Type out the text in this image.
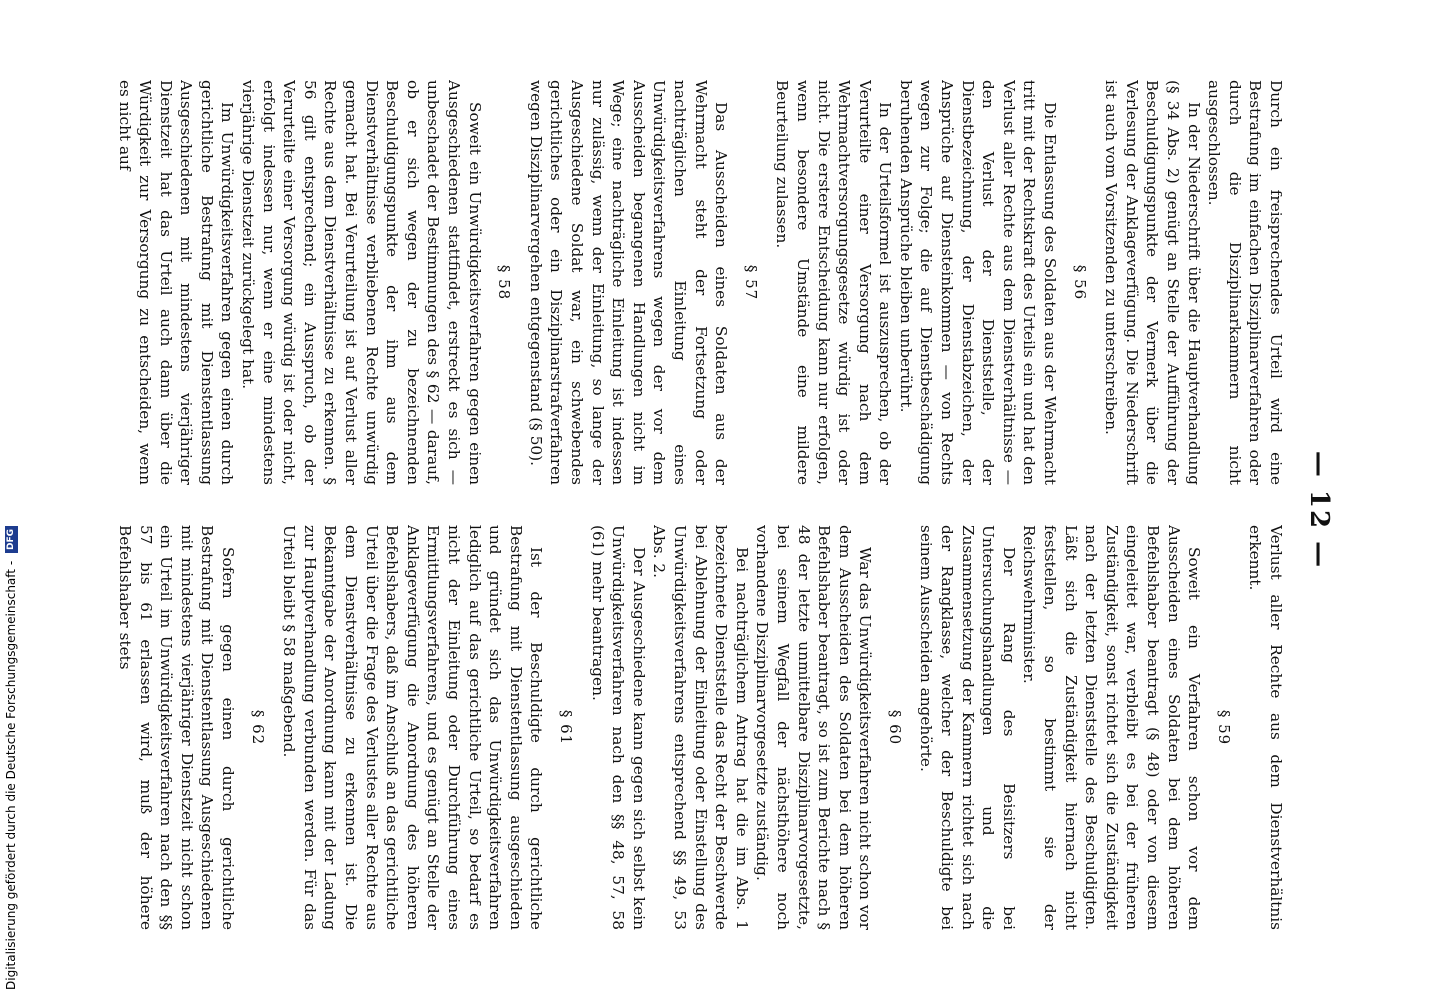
Digitalisierung gefördert durch die Deutsche Forschungsgemeinschaft - DFG	— 12 —

Durch ein freisprechendes Urteil wird eine Bestrafung im einfachen Disziplinarverfahren oder durch die Disziplinarkammern nicht ausgeschlossen.

In der Niederschrift über die Hauptverhandlung (§ 34 Abs. 2) genügt an Stelle der Aufführung der Beschuldigungspunkte der Vermerk über die Verlesung der Anklageverfügung. Die Niederschrift ist auch vom Vorsitzenden zu unterschreiben.

§ 56

Die Entlassung des Soldaten aus der Wehrmacht tritt mit der Rechtskraft des Urteils ein und hat den Verlust aller Rechte aus dem Dienstverhältnisse — den Verlust der Dienststelle, der Dienstbezeichnung, der Dienstabzeichen, der Ansprüche auf Diensteinkommen — von Rechts wegen zur Folge; die auf Dienstbeschädigung beruhenden Ansprüche bleiben unberührt.

In der Urteilsformel ist auszusprechen, ob der Verurteilte einer Versorgung nach dem Wehrmachtversorgungsgesetze würdig ist oder nicht. Die erstere Entscheidung kann nur erfolgen, wenn besondere Umstände eine mildere Beurteilung zulassen.

§ 57

Das Ausscheiden eines Soldaten aus der Wehrmacht steht der Fortsetzung oder nachträglichen Einleitung eines Unwürdigkeitsverfahrens wegen der vor dem Ausscheiden begangenen Handlungen nicht im Wege; eine nachträgliche Einleitung ist indessen nur zulässig, wenn der Einleitung, so lange der Ausgeschiedene Soldat war, ein schwebendes gerichtliches oder ein Disziplinarstrafverfahren wegen Disziplinarvergehen entgegenstand (§ 50).

§ 58

Soweit ein Unwürdigkeitsverfahren gegen einen Ausgeschiedenen stattfindet, erstreckt es sich — unbeschadet der Bestimmungen des § 62 — darauf, ob er sich wegen der zu bezeichnenden Beschuldigungspunkte der ihm aus dem Dienstverhältnisse verbliebenen Rechte unwürdig gemacht hat. Bei Verurteilung ist auf Verlust aller Rechte aus dem Dienstverhältnisse zu erkennen. § 56 gilt entsprechend; ein Ausspruch, ob der Verurteilte einer Versorgung würdig ist oder nicht, erfolgt indessen nur, wenn er eine mindestens vierjährige Dienstzeit zurückgelegt hat.

Im Unwürdigkeitsverfahren gegen einen durch gerichtliche Bestrafung mit Dienstentlassung Ausgeschiedenen mit mindestens vierjähriger Dienstzeit hat das Urteil auch dann über die Würdigkeit zur Versorgung zu entscheiden, wenn es nicht auf

Verlust aller Rechte aus dem Dienstverhältnis erkennt.

§ 59

Soweit ein Verfahren schon vor dem Ausscheiden eines Soldaten bei dem höheren Befehlshaber beantragt (§ 48) oder von diesem eingeleitet war, verbleibt es bei der früheren Zuständigkeit, sonst richtet sich die Zuständigkeit nach der letzten Dienststelle des Beschuldigten. Läßt sich die Zuständigkeit hiernach nicht feststellen, so bestimmt sie der Reichswehrminister.

Der Rang des Beisitzers bei Untersuchungshandlungen und die Zusammensetzung der Kammern richtet sich nach der Rangklasse, welcher der Beschuldigte bei seinem Ausscheiden angehörte.

§ 60

War das Unwürdigkeitsverfahren nicht schon vor dem Ausscheiden des Soldaten bei dem höheren Befehlshaber beantragt, so ist zum Berichte nach § 48 der letzte unmittelbare Disziplinarvorgesetzte, bei seinem Wegfall der nächsthöhere noch vorhandene Disziplinarvorgesetzte zuständig.

Bei nachträglichem Antrag hat die im Abs. 1 bezeichnete Dienststelle das Recht der Beschwerde bei Ablehnung der Einleitung oder Einstellung des Unwürdigkeitsverfahrens entsprechend §§ 49, 53 Abs. 2.

Der Ausgeschiedene kann gegen sich selbst kein Unwürdigkeitsverfahren nach den §§ 48, 57, 58 (61) mehr beantragen.

§ 61

Ist der Beschuldigte durch gerichtliche Bestrafung mit Dienstentlassung ausgeschieden und gründet sich das Unwürdigkeitsverfahren lediglich auf das gerichtliche Urteil, so bedarf es nicht der Einleitung oder Durchführung eines Ermittlungsverfahrens, und es genügt an Stelle der Anklageverfügung die Anordnung des höheren Befehlshabers, daß im Anschluß an das gerichtliche Urteil über die Frage des Verlustes aller Rechte aus dem Dienstverhältnisse zu erkennen ist. Die Bekanntgabe der Anordnung kann mit der Ladung zur Hauptverhandlung verbunden werden. Für das Urteil bleibt § 58 maßgebend.

§ 62

Sofern gegen einen durch gerichtliche Bestrafung mit Dienstentlassung Ausgeschiedenen mit mindestens vierjähriger Dienstzeit nicht schon ein Urteil im Unwürdigkeitsverfahren nach den §§ 57 bis 61 erlassen wird, muß der höhere Befehlshaber stets
